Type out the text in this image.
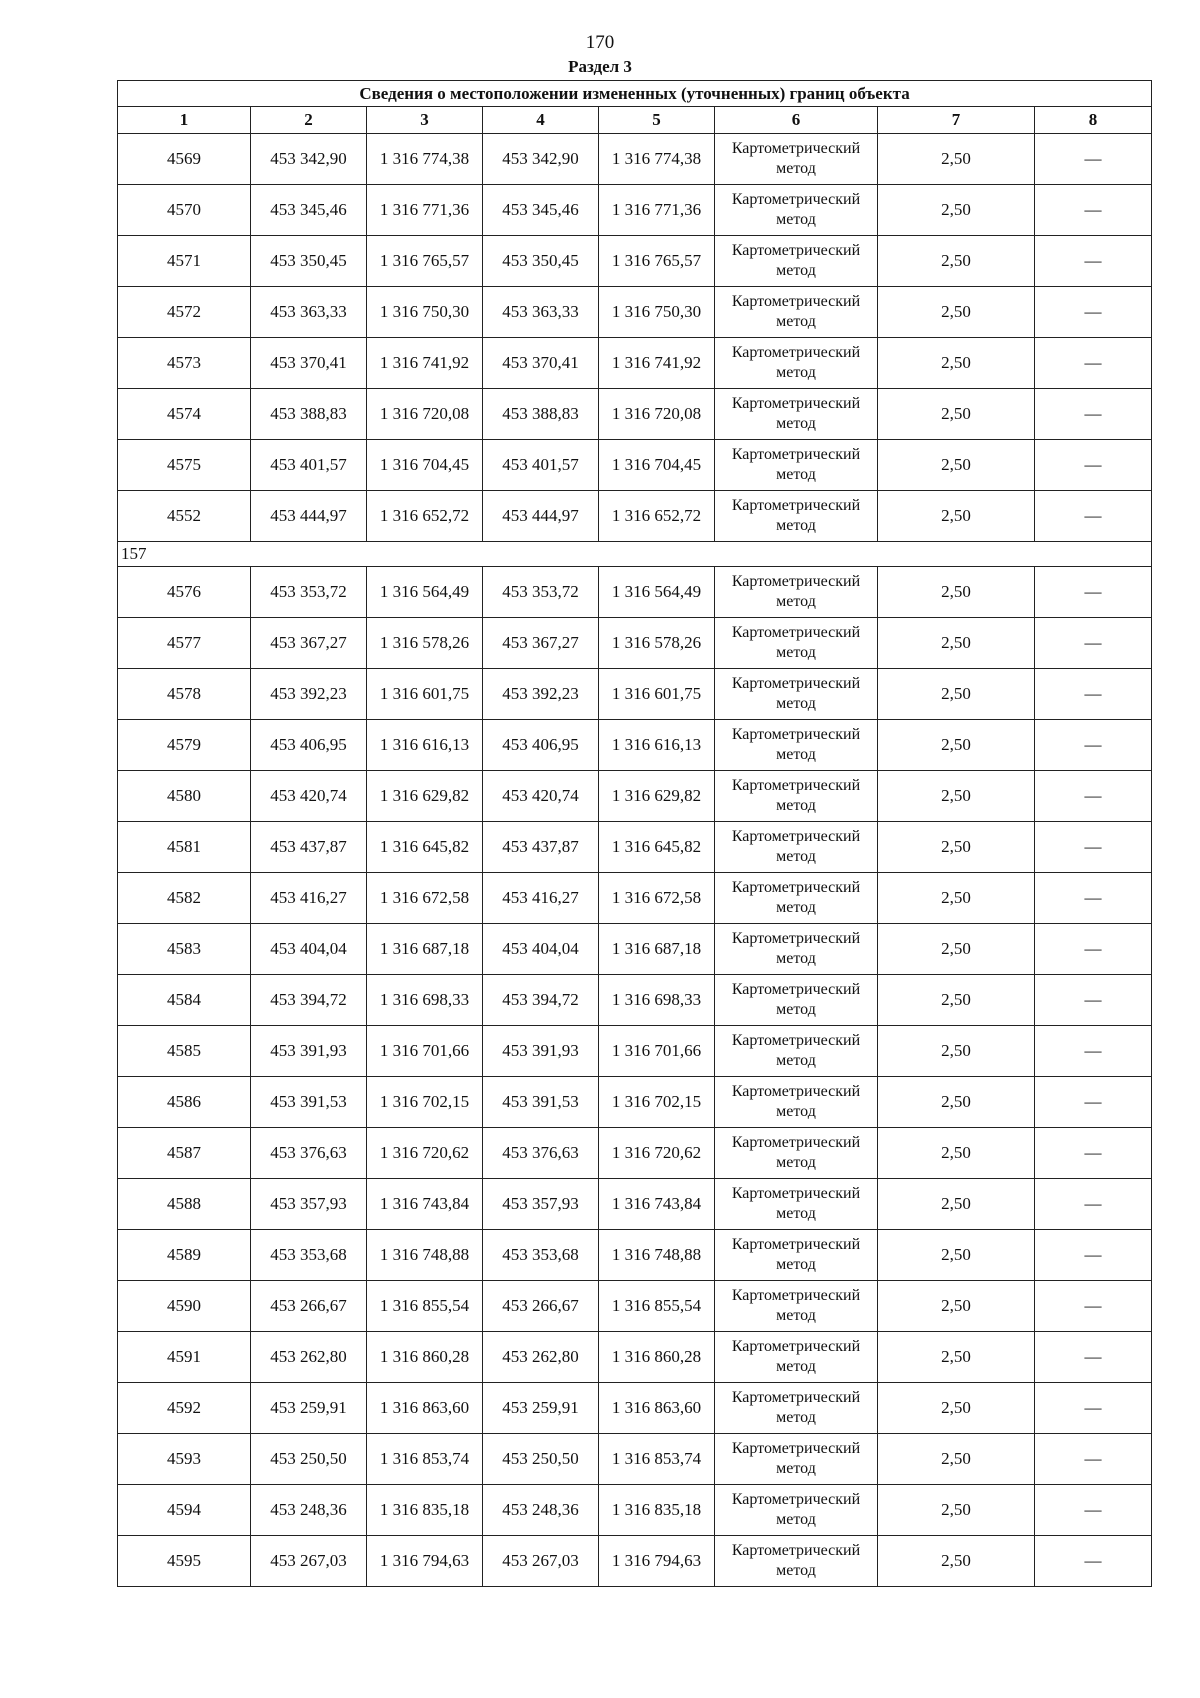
170
Раздел 3
Сведения о местоположении измененных (уточненных) границ объекта							
1	2	3	4	5	6	7	8
4569	453 342,90	1 316 774,38	453 342,90	1 316 774,38	Картометрический метод	2,50	—
4570	453 345,46	1 316 771,36	453 345,46	1 316 771,36	Картометрический метод	2,50	—
4571	453 350,45	1 316 765,57	453 350,45	1 316 765,57	Картометрический метод	2,50	—
4572	453 363,33	1 316 750,30	453 363,33	1 316 750,30	Картометрический метод	2,50	—
4573	453 370,41	1 316 741,92	453 370,41	1 316 741,92	Картометрический метод	2,50	—
4574	453 388,83	1 316 720,08	453 388,83	1 316 720,08	Картометрический метод	2,50	—
4575	453 401,57	1 316 704,45	453 401,57	1 316 704,45	Картометрический метод	2,50	—
4552	453 444,97	1 316 652,72	453 444,97	1 316 652,72	Картометрический метод	2,50	—
157							
4576	453 353,72	1 316 564,49	453 353,72	1 316 564,49	Картометрический метод	2,50	—
4577	453 367,27	1 316 578,26	453 367,27	1 316 578,26	Картометрический метод	2,50	—
4578	453 392,23	1 316 601,75	453 392,23	1 316 601,75	Картометрический метод	2,50	—
4579	453 406,95	1 316 616,13	453 406,95	1 316 616,13	Картометрический метод	2,50	—
4580	453 420,74	1 316 629,82	453 420,74	1 316 629,82	Картометрический метод	2,50	—
4581	453 437,87	1 316 645,82	453 437,87	1 316 645,82	Картометрический метод	2,50	—
4582	453 416,27	1 316 672,58	453 416,27	1 316 672,58	Картометрический метод	2,50	—
4583	453 404,04	1 316 687,18	453 404,04	1 316 687,18	Картометрический метод	2,50	—
4584	453 394,72	1 316 698,33	453 394,72	1 316 698,33	Картометрический метод	2,50	—
4585	453 391,93	1 316 701,66	453 391,93	1 316 701,66	Картометрический метод	2,50	—
4586	453 391,53	1 316 702,15	453 391,53	1 316 702,15	Картометрический метод	2,50	—
4587	453 376,63	1 316 720,62	453 376,63	1 316 720,62	Картометрический метод	2,50	—
4588	453 357,93	1 316 743,84	453 357,93	1 316 743,84	Картометрический метод	2,50	—
4589	453 353,68	1 316 748,88	453 353,68	1 316 748,88	Картометрический метод	2,50	—
4590	453 266,67	1 316 855,54	453 266,67	1 316 855,54	Картометрический метод	2,50	—
4591	453 262,80	1 316 860,28	453 262,80	1 316 860,28	Картометрический метод	2,50	—
4592	453 259,91	1 316 863,60	453 259,91	1 316 863,60	Картометрический метод	2,50	—
4593	453 250,50	1 316 853,74	453 250,50	1 316 853,74	Картометрический метод	2,50	—
4594	453 248,36	1 316 835,18	453 248,36	1 316 835,18	Картометрический метод	2,50	—
4595	453 267,03	1 316 794,63	453 267,03	1 316 794,63	Картометрический метод	2,50	—
